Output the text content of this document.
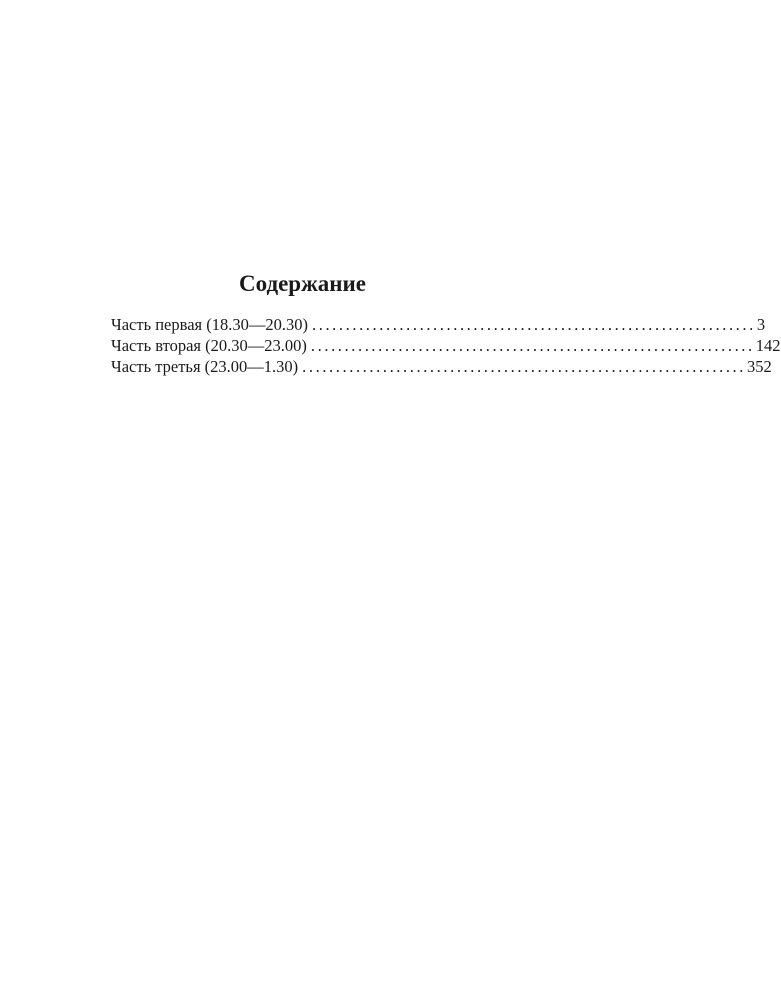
Содержание
Часть первая (18.30—20.30) .................................................................. 3
Часть вторая (20.30—23.00) .................................................................. 142
Часть третья (23.00—1.30) .................................................................. 352
